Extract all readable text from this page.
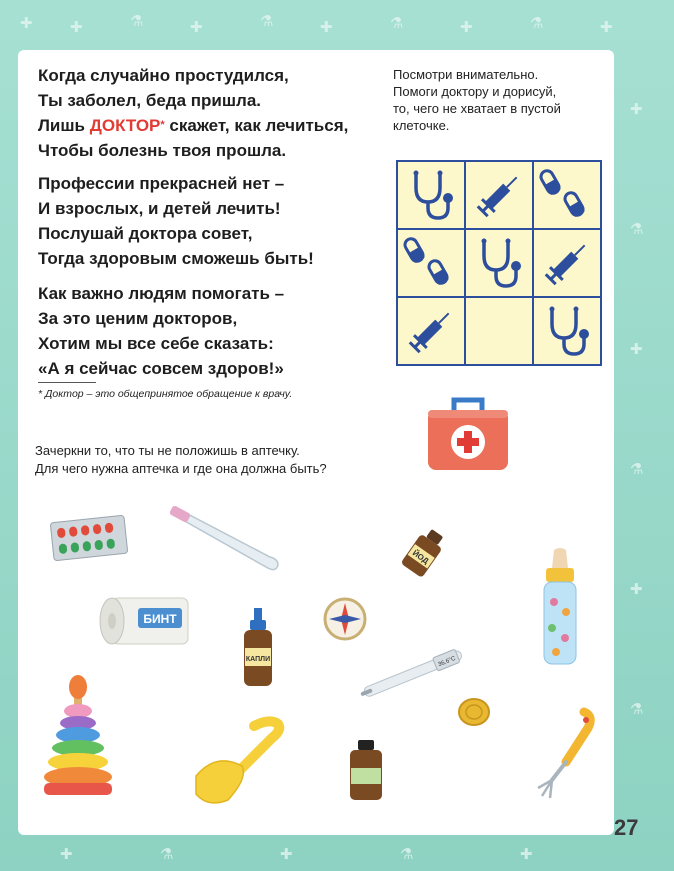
✚ ✚	⚗	✚	⚗	✚	⚗	✚	⚗	✚
✚
⚗
✚
⚗
✚
⚗
✚	⚗	✚	⚗	✚
Когда случайно простудился,
Ты заболел, беда пришла.
Лишь ДОКТОР* скажет, как лечиться,
Чтобы болезнь твоя прошла.
Профессии прекрасней нет –
И взрослых, и детей лечить!
Послушай доктора совет,
Тогда здоровым сможешь быть!
Как важно людям помогать –
За это ценим докторов,
Хотим мы все себе сказать:
«А я сейчас совсем здоров!»
* Доктор – это общепринятое обращение к врачу.
Посмотри внимательно.
Помоги доктору и дорисуй,
то, чего не хватает в пустой
клеточке.
Зачеркни то, что ты не положишь в аптечку.
Для чего нужна аптечка и где она должна быть?
ЙОД
БИНТ
КАПЛИ	36,6°C
27
